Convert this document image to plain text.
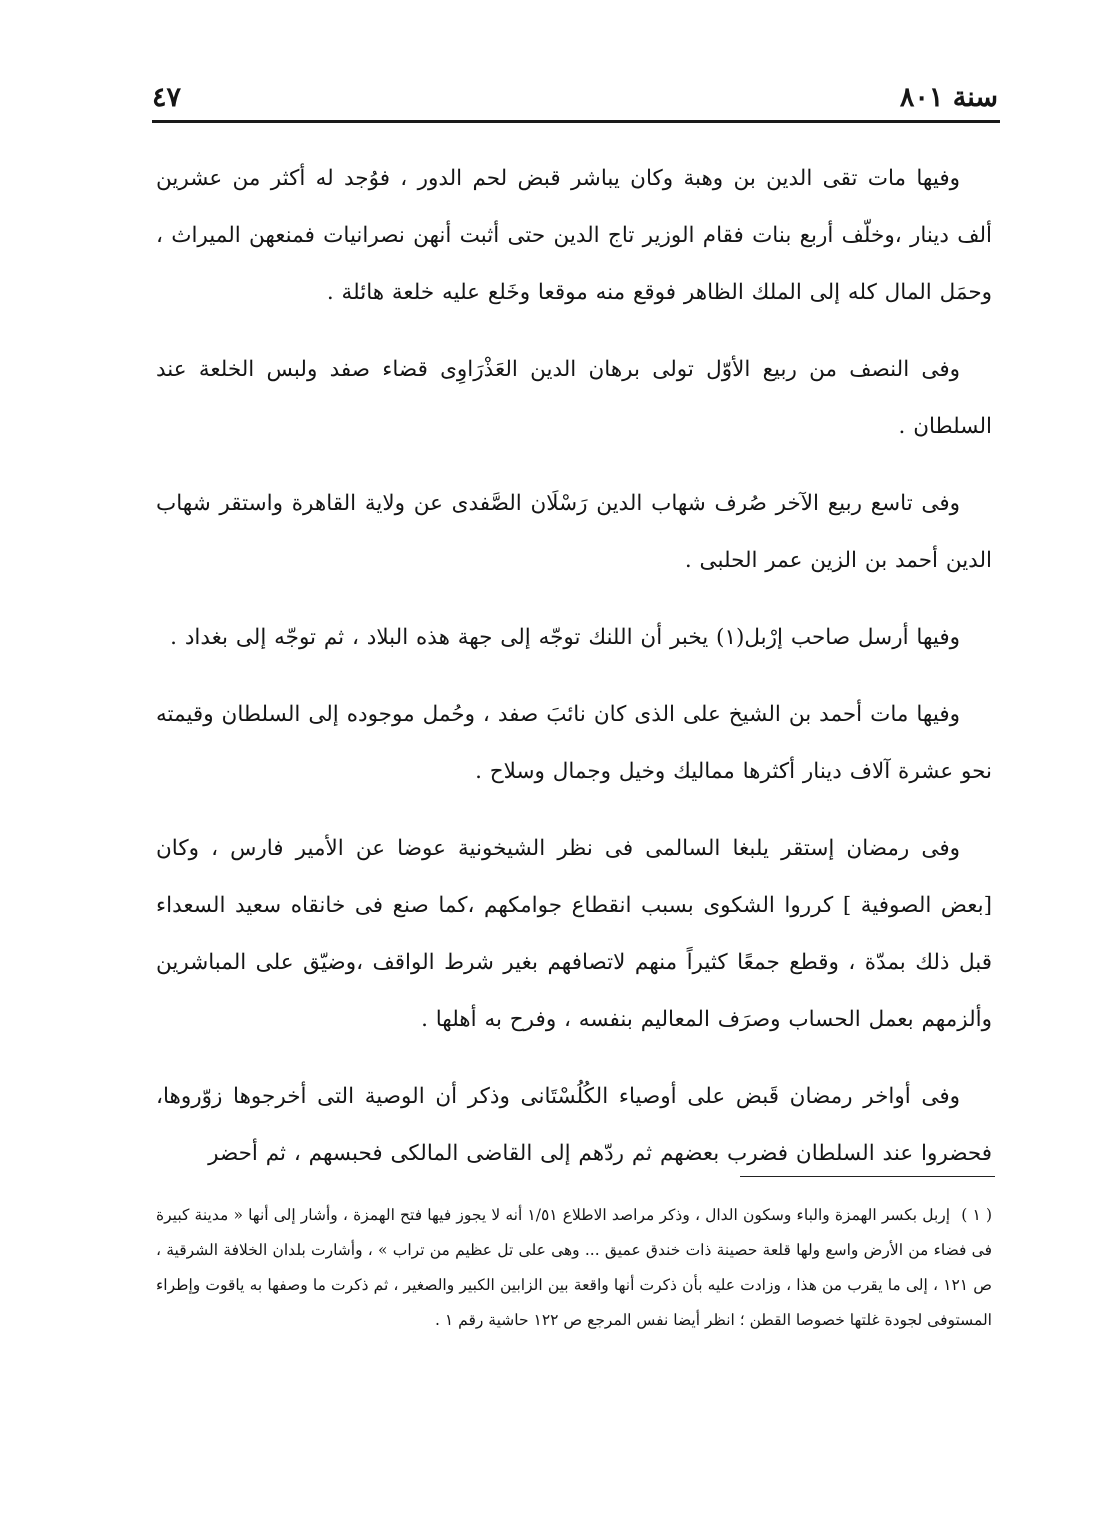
سنة ٨٠١
٤٧

وفيها مات تقى الدين بن وهبة وكان يباشر قبض لحم الدور ، فوُجد له أكثر من عشرين ألف دينار ،وخلّف أربع بنات فقام الوزير تاج الدين حتى أثبت أنهن نصرانيات فمنعهن الميراث ، وحمَل المال كله إلى الملك الظاهر فوقع منه موقعا وخَلع عليه خلعة هائلة .

وفى النصف من ربيع الأوّل تولى برهان الدين العَذْرَاوِى قضاء صفد ولبس الخلعة عند السلطان .

وفى تاسع ربيع الآخر صُرف شهاب الدين رَسْلَان الصَّفدى عن ولاية القاهرة واستقر شهاب الدين أحمد بن الزين عمر الحلبى .

وفيها أرسل صاحب إرْبل(١) يخبر أن اللنك توجّه إلى جهة هذه البلاد ، ثم توجّه إلى بغداد .

وفيها مات أحمد بن الشيخ على الذى كان نائبَ صفد ، وحُمل موجوده إلى السلطان وقيمته نحو عشرة آلاف دينار أكثرها مماليك وخيل وجمال وسلاح .

وفى رمضان إستقر يلبغا السالمى فى نظر الشيخونية عوضا عن الأمير فارس ، وكان [بعض الصوفية ] كرروا الشكوى بسبب انقطاع جوامكهم ،كما صنع فى خانقاه سعيد السعداء قبل ذلك بمدّة ، وقطع جمعًا كثيراً منهم لاتصافهم بغير شرط الواقف ،وضيّق على المباشرين وألزمهم بعمل الحساب وصرَف المعاليم بنفسه ، وفرح به أهلها .

وفى أواخر رمضان قَبض على أوصياء الكُلُسْتَانى وذكر أن الوصية التى أخرجوها زوّروها، فحضروا عند السلطان فضرب بعضهم ثم ردّهم إلى القاضى المالكى فحبسهم ، ثم أحضر

( ١ ) إربل بكسر الهمزة والباء وسكون الدال ، وذكر مراصد الاطلاع ١/٥١ أنه لا يجوز فيها فتح الهمزة ، وأشار إلى أنها « مدينة كبيرة فى فضاء من الأرض واسع ولها قلعة حصينة ذات خندق عميق ... وهى على تل عظيم من تراب » ، وأشارت بلدان الخلافة الشرقية ، ص ١٢١ ، إلى ما يقرب من هذا ، وزادت عليه بأن ذكرت أنها واقعة بين الزابين الكبير والصغير ، ثم ذكرت ما وصفها به ياقوت وإطراء المستوفى لجودة غلتها خصوصا القطن ؛ انظر أيضا نفس المرجع ص ١٢٢ حاشية رقم ١ .
